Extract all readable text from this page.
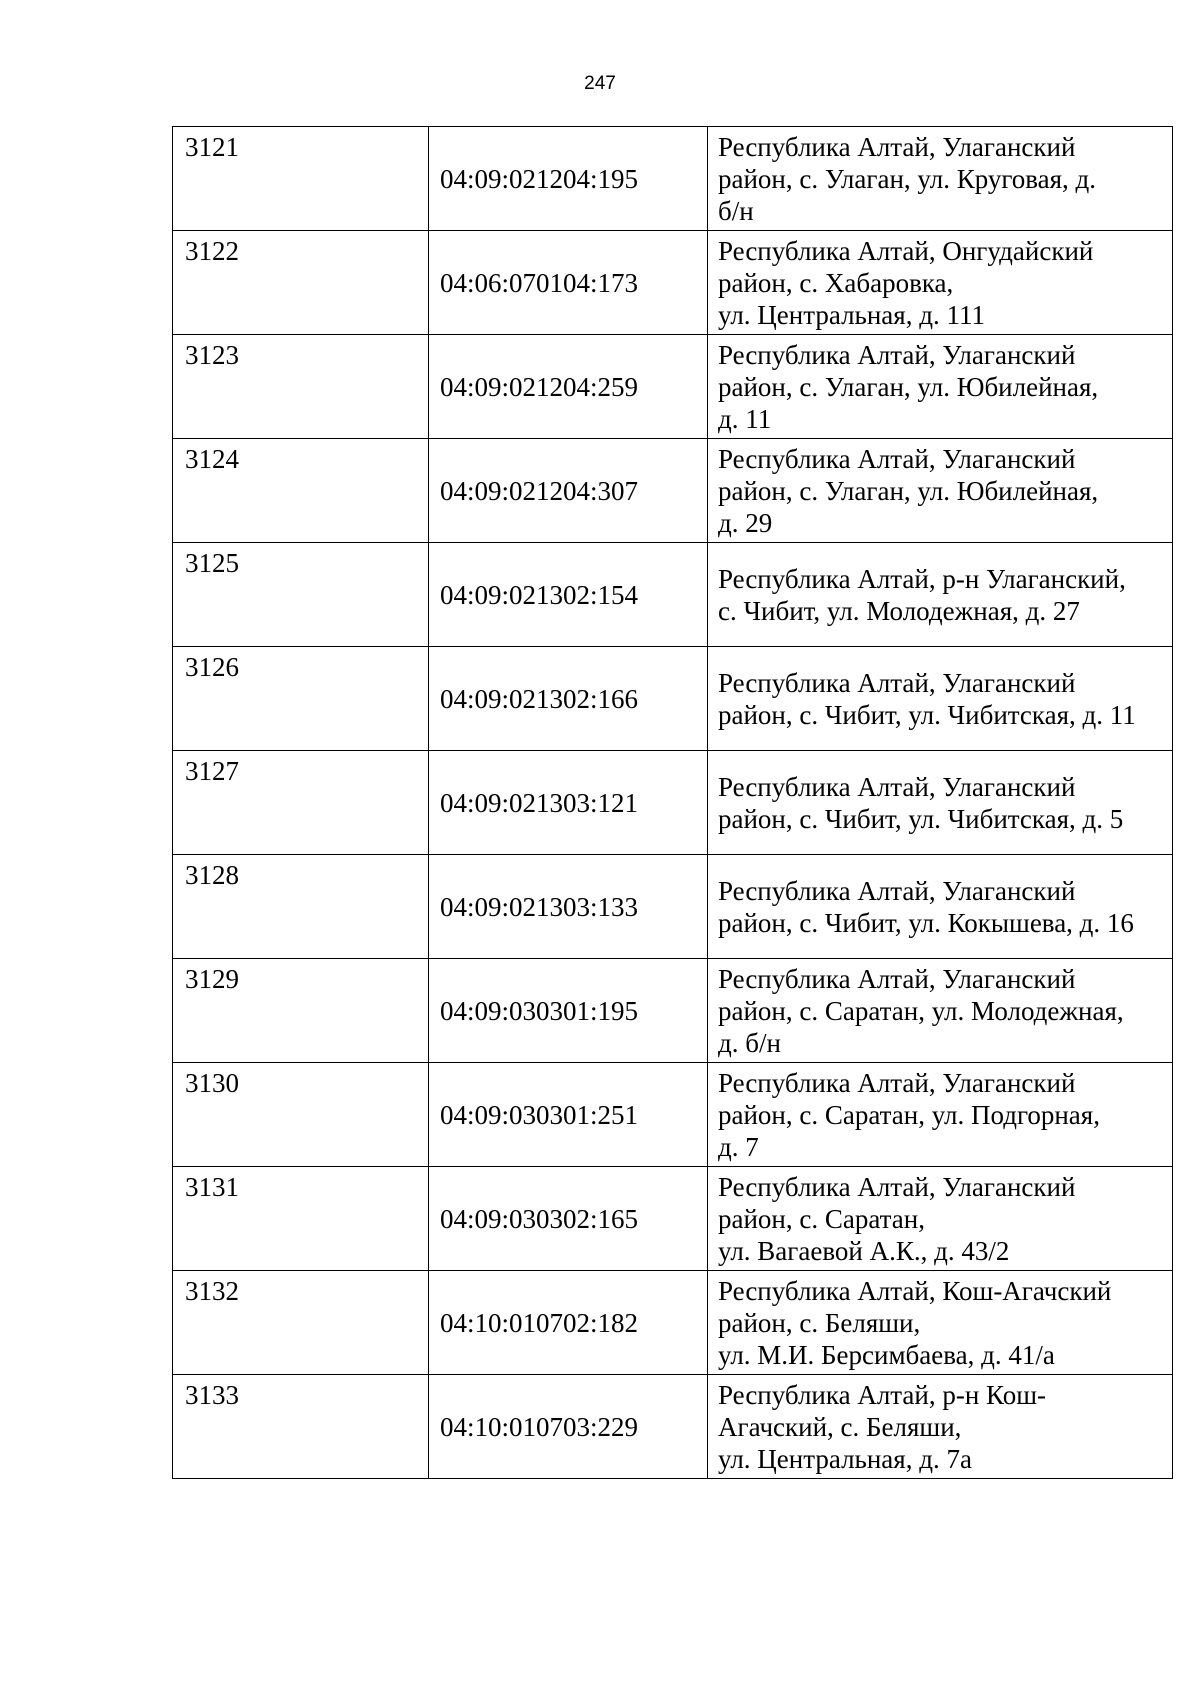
247
3121	04:09:021204:195	Республика Алтай, Улаганский
район, с. Улаган, ул. Круговая, д.
б/н

3122	04:06:070104:173	Республика Алтай, Онгудайский
район, с. Хабаровка,
ул. Центральная, д. 111

3123	04:09:021204:259	Республика Алтай, Улаганский
район, с. Улаган, ул. Юбилейная,
д. 11

3124	04:09:021204:307	Республика Алтай, Улаганский
район, с. Улаган, ул. Юбилейная,
д. 29

3125	04:09:021302:154	Республика Алтай, р-н Улаганский,
с. Чибит, ул. Молодежная, д. 27

3126	04:09:021302:166	Республика Алтай, Улаганский
район, с. Чибит, ул. Чибитская, д. 11

3127	04:09:021303:121	Республика Алтай, Улаганский
район, с. Чибит, ул. Чибитская, д. 5

3128	04:09:021303:133	Республика Алтай, Улаганский
район, с. Чибит, ул. Кокышева, д. 16

3129	04:09:030301:195	Республика Алтай, Улаганский
район, с. Саратан, ул. Молодежная,
д. б/н

3130	04:09:030301:251	Республика Алтай, Улаганский
район, с. Саратан, ул. Подгорная,
д. 7

3131	04:09:030302:165	Республика Алтай, Улаганский
район, с. Саратан,
ул. Вагаевой А.К., д. 43/2

3132	04:10:010702:182	Республика Алтай, Кош-Агачский
район, с. Беляши,
ул. М.И. Берсимбаева, д. 41/а

3133	04:10:010703:229	Республика Алтай, р-н Кош-
Агачский, с. Беляши,
ул. Центральная, д. 7а
